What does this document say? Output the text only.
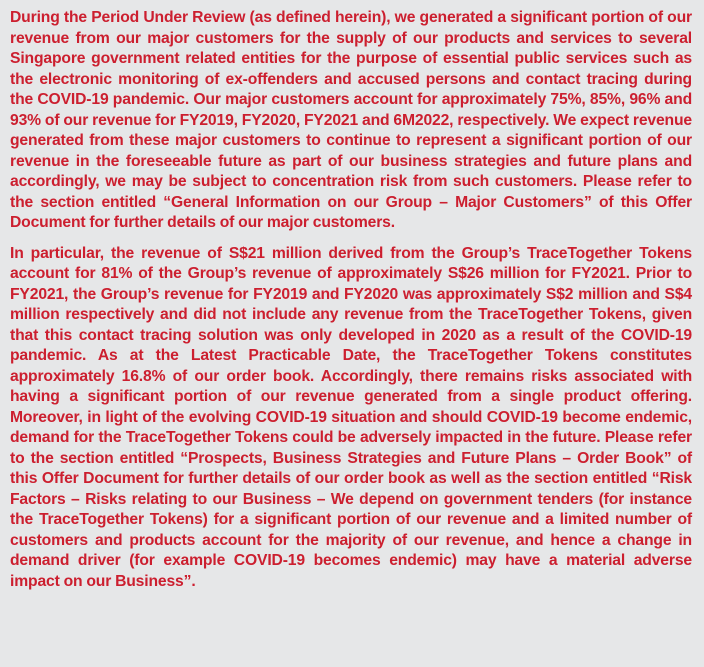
During the Period Under Review (as defined herein), we generated a significant portion of our revenue from our major customers for the supply of our products and services to several Singapore government related entities for the purpose of essential public services such as the electronic monitoring of ex-offenders and accused persons and contact tracing during the COVID-19 pandemic. Our major customers account for approximately 75%, 85%, 96% and 93% of our revenue for FY2019, FY2020, FY2021 and 6M2022, respectively. We expect revenue generated from these major customers to continue to represent a significant portion of our revenue in the foreseeable future as part of our business strategies and future plans and accordingly, we may be subject to concentration risk from such customers. Please refer to the section entitled “General Information on our Group – Major Customers” of this Offer Document for further details of our major customers.

In particular, the revenue of S$21 million derived from the Group’s TraceTogether Tokens account for 81% of the Group’s revenue of approximately S$26 million for FY2021. Prior to FY2021, the Group’s revenue for FY2019 and FY2020 was approximately S$2 million and S$4 million respectively and did not include any revenue from the TraceTogether Tokens, given that this contact tracing solution was only developed in 2020 as a result of the COVID-19 pandemic. As at the Latest Practicable Date, the TraceTogether Tokens constitutes approximately 16.8% of our order book. Accordingly, there remains risks associated with having a significant portion of our revenue generated from a single product offering. Moreover, in light of the evolving COVID-19 situation and should COVID-19 become endemic, demand for the TraceTogether Tokens could be adversely impacted in the future. Please refer to the section entitled “Prospects, Business Strategies and Future Plans – Order Book” of this Offer Document for further details of our order book as well as the section entitled “Risk Factors – Risks relating to our Business – We depend on government tenders (for instance the TraceTogether Tokens) for a significant portion of our revenue and a limited number of customers and products account for the majority of our revenue, and hence a change in demand driver (for example COVID-19 becomes endemic) may have a material adverse impact on our Business”.
